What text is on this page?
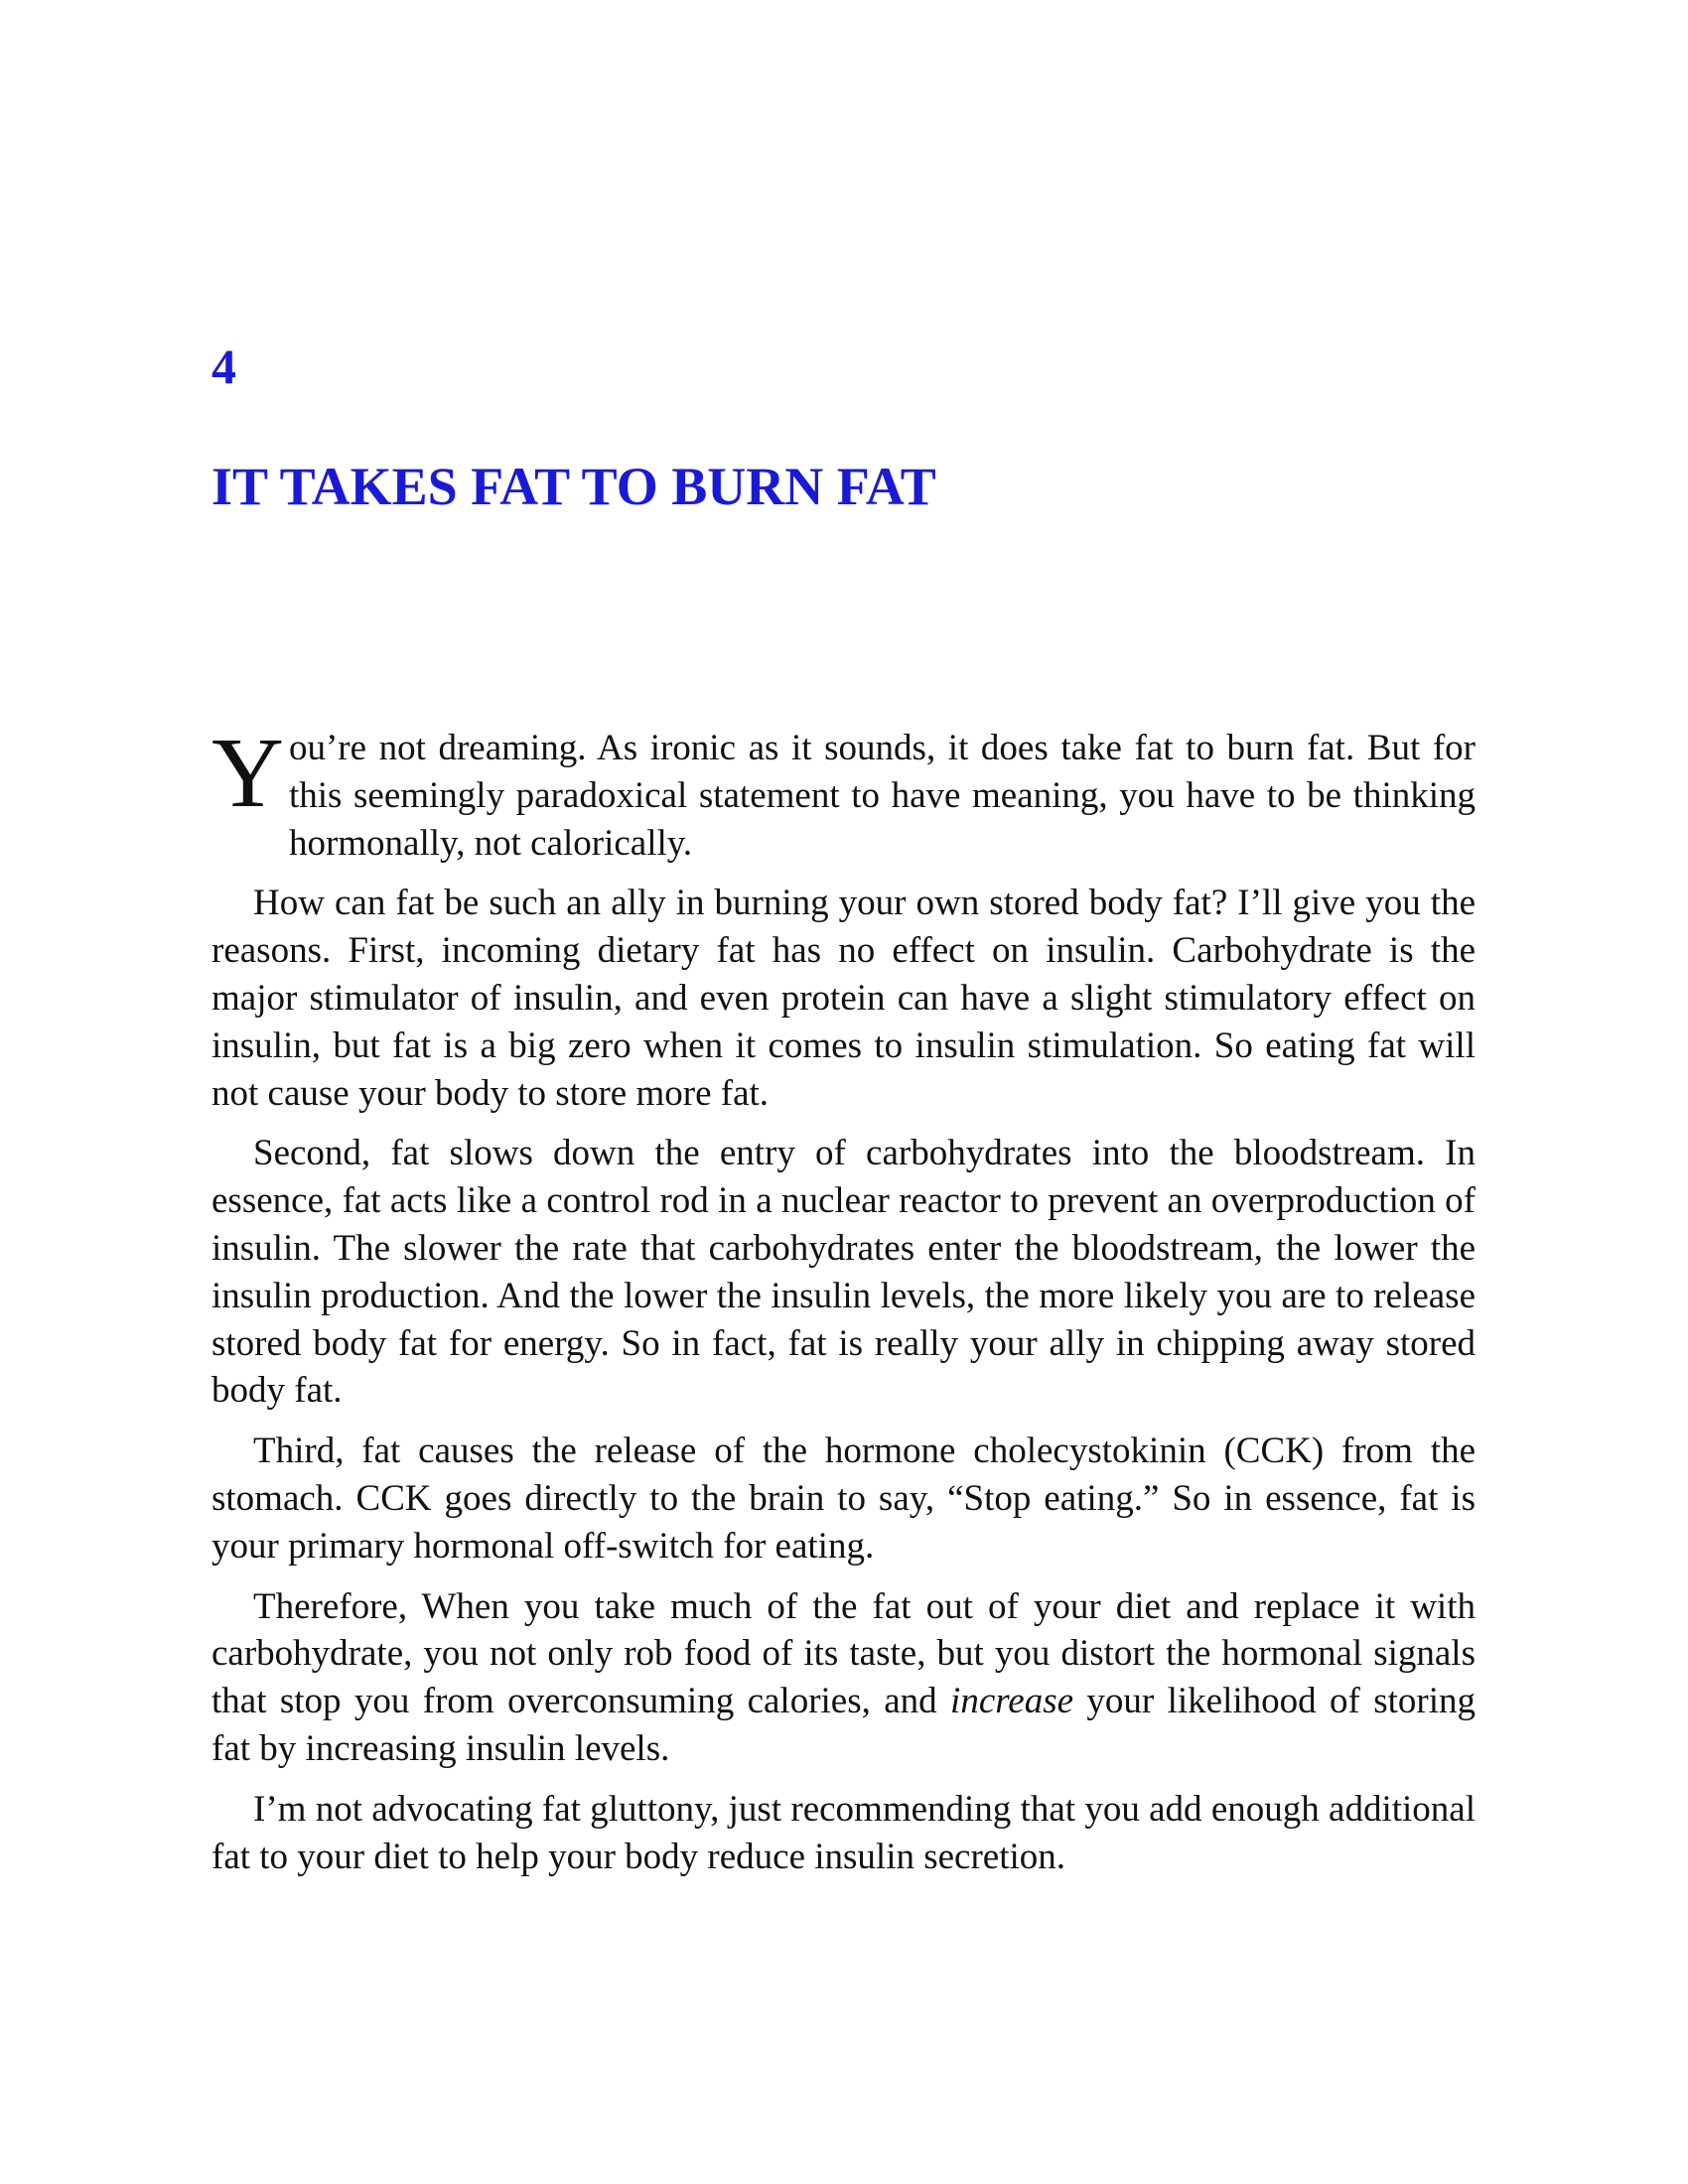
4
IT TAKES FAT TO BURN FAT

You’re not dreaming. As ironic as it sounds, it does take fat to burn fat. But for this seemingly paradoxical statement to have meaning, you have to be thinking hormonally, not calorically.

How can fat be such an ally in burning your own stored body fat? I’ll give you the reasons. First, incoming dietary fat has no effect on insulin. Carbohydrate is the major stimulator of insulin, and even protein can have a slight stimulatory effect on insulin, but fat is a big zero when it comes to insulin stimulation. So eating fat will not cause your body to store more fat.

Second, fat slows down the entry of carbohydrates into the bloodstream. In essence, fat acts like a control rod in a nuclear reactor to prevent an overproduction of insulin. The slower the rate that carbohydrates enter the bloodstream, the lower the insulin production. And the lower the insulin levels, the more likely you are to release stored body fat for energy. So in fact, fat is really your ally in chipping away stored body fat.

Third, fat causes the release of the hormone cholecystokinin (CCK) from the stomach. CCK goes directly to the brain to say, “Stop eating.” So in essence, fat is your primary hormonal off-switch for eating.

Therefore, When you take much of the fat out of your diet and replace it with carbohydrate, you not only rob food of its taste, but you distort the hormonal signals that stop you from overconsuming calories, and increase your likelihood of storing fat by increasing insulin levels.

I’m not advocating fat gluttony, just recommending that you add enough additional fat to your diet to help your body reduce insulin secretion.
